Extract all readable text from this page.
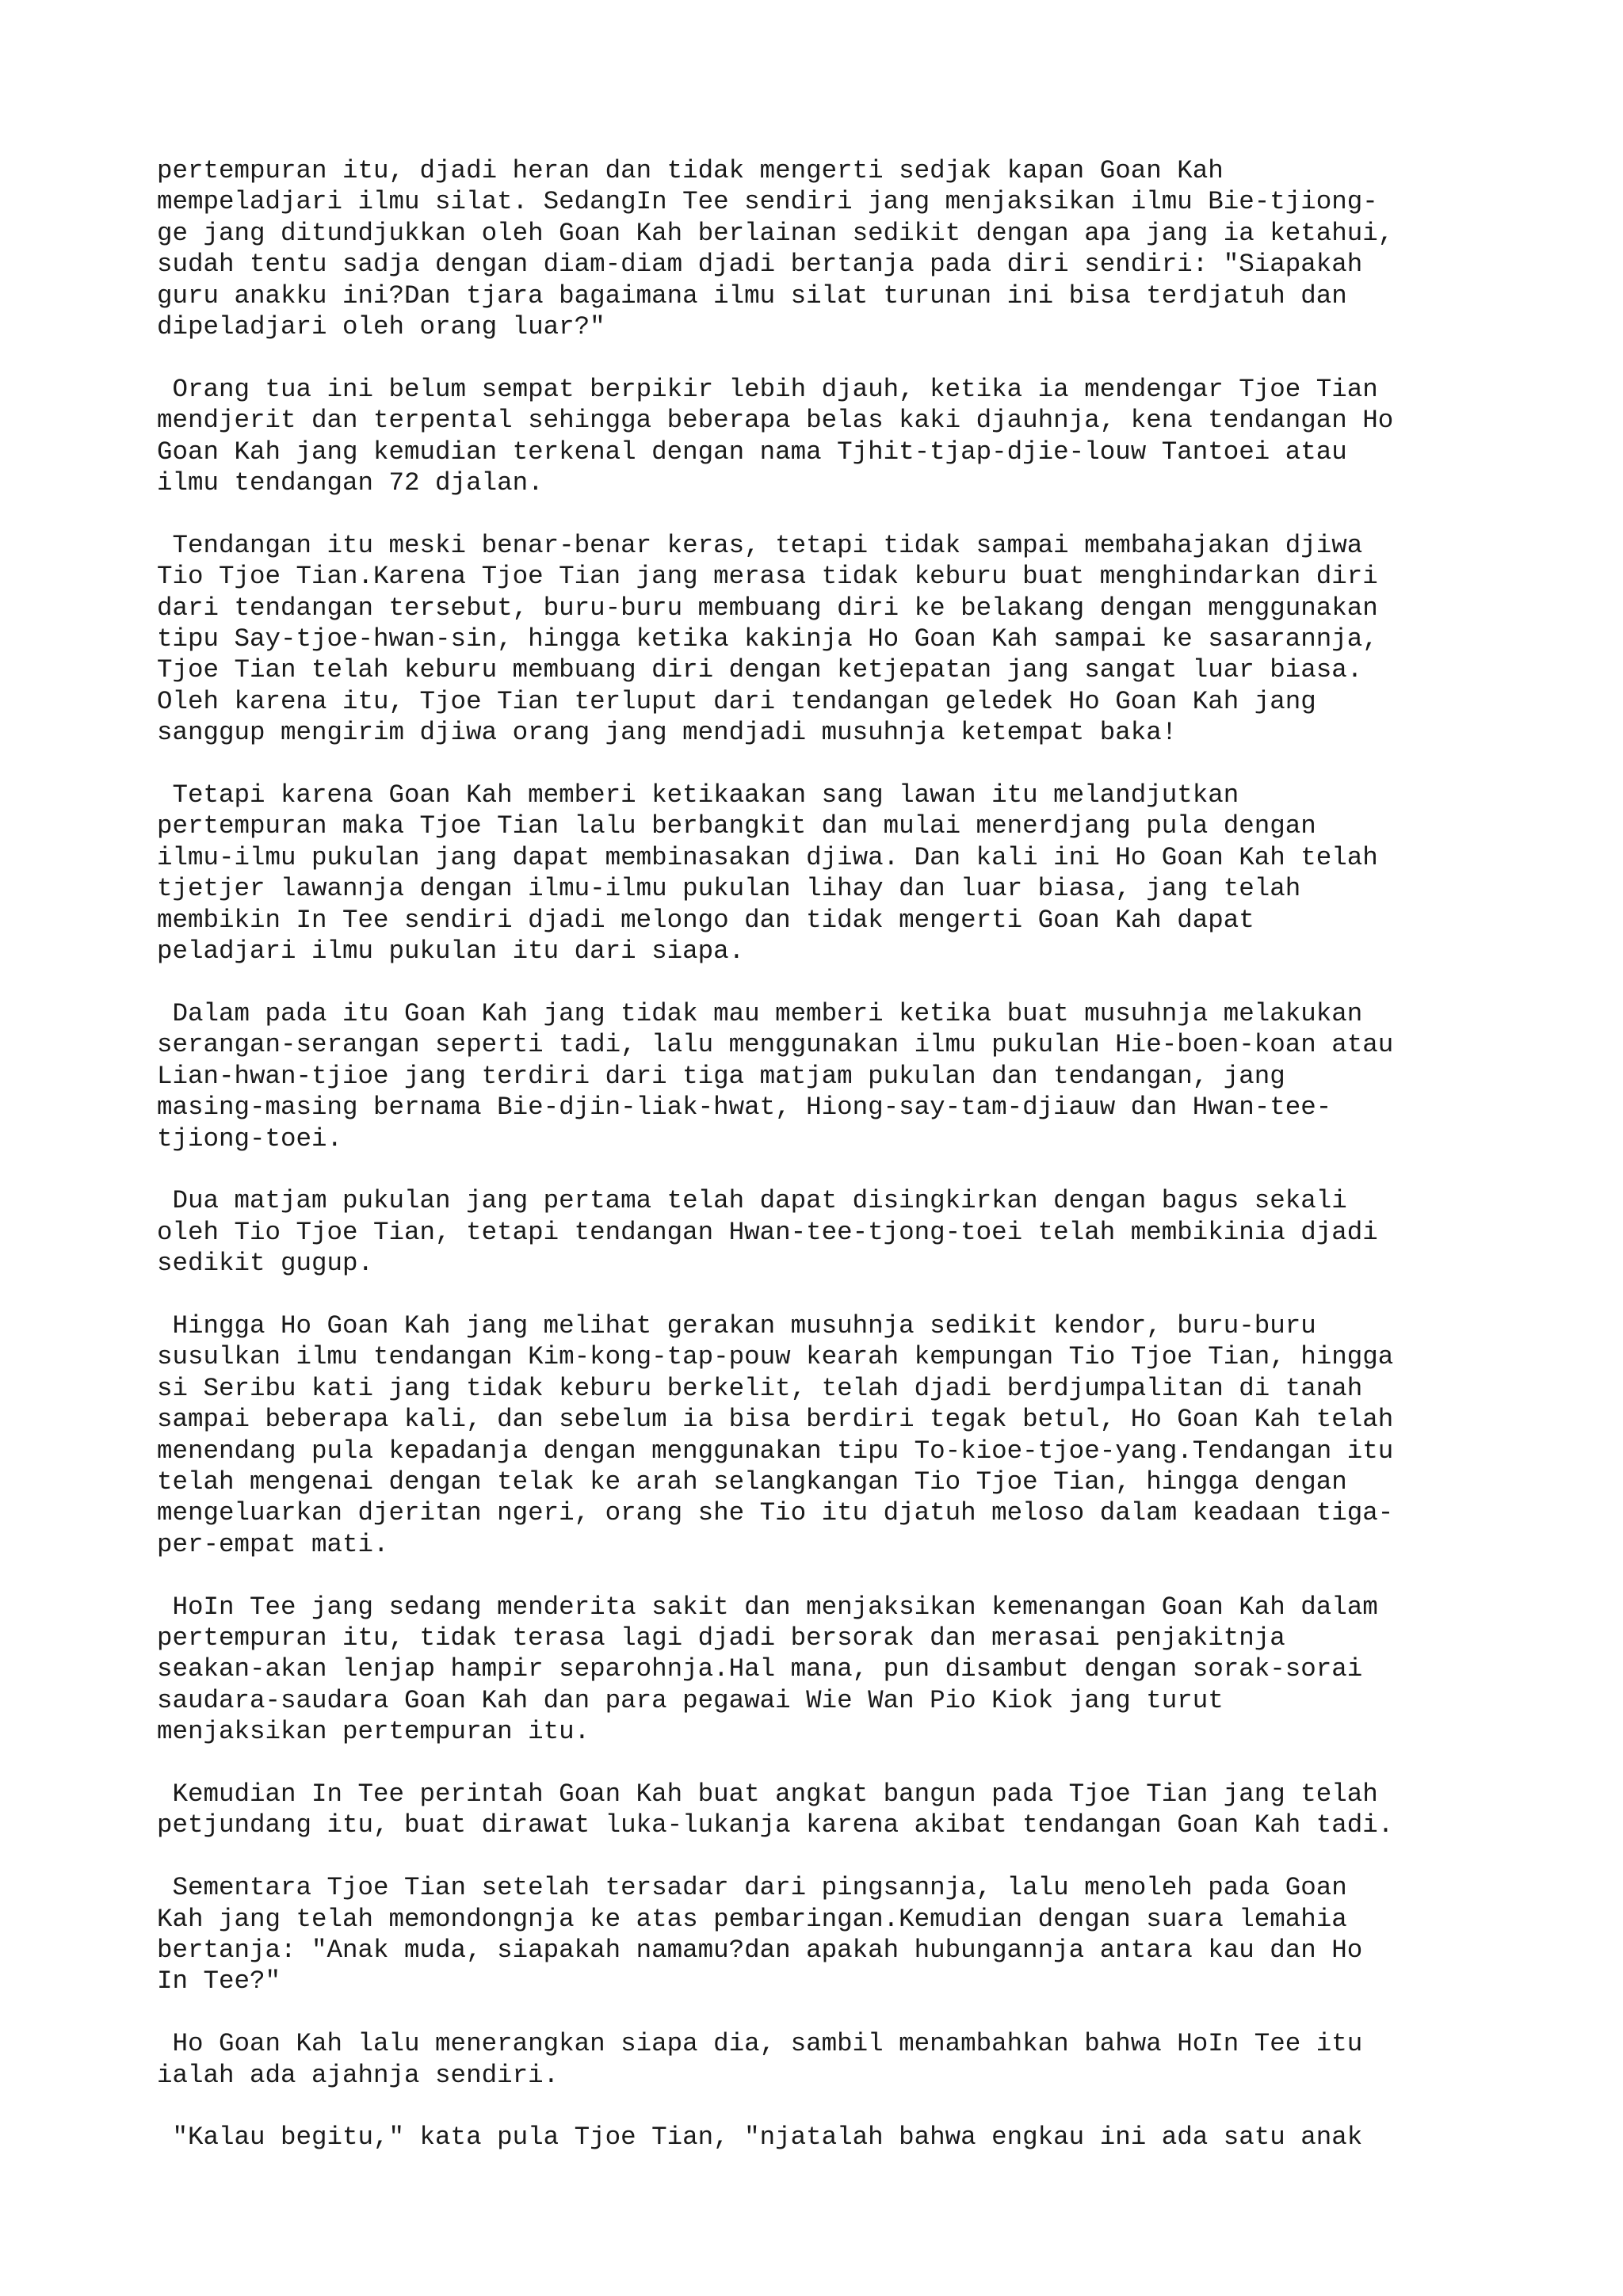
pertempuran itu, djadi heran dan tidak mengerti sedjak kapan Goan Kah
mempeladjari ilmu silat. SedangIn Tee sendiri jang menjaksikan ilmu Bie-tjiong-
ge jang ditundjukkan oleh Goan Kah berlainan sedikit dengan apa jang ia ketahui,
sudah tentu sadja dengan diam-diam djadi bertanja pada diri sendiri: "Siapakah
guru anakku ini?Dan tjara bagaimana ilmu silat turunan ini bisa terdjatuh dan
dipeladjari oleh orang luar?"

Orang tua ini belum sempat berpikir lebih djauh, ketika ia mendengar Tjoe Tian
mendjerit dan terpental sehingga beberapa belas kaki djauhnja, kena tendangan Ho
Goan Kah jang kemudian terkenal dengan nama Tjhit-tjap-djie-louw Tantoei atau
ilmu tendangan 72 djalan.

Tendangan itu meski benar-benar keras, tetapi tidak sampai membahajakan djiwa
Tio Tjoe Tian.Karena Tjoe Tian jang merasa tidak keburu buat menghindarkan diri
dari tendangan tersebut, buru-buru membuang diri ke belakang dengan menggunakan
tipu Say-tjoe-hwan-sin, hingga ketika kakinja Ho Goan Kah sampai ke sasarannja,
Tjoe Tian telah keburu membuang diri dengan ketjepatan jang sangat luar biasa.
Oleh karena itu, Tjoe Tian terluput dari tendangan geledek Ho Goan Kah jang
sanggup mengirim djiwa orang jang mendjadi musuhnja ketempat baka!

Tetapi karena Goan Kah memberi ketikaakan sang lawan itu melandjutkan
pertempuran maka Tjoe Tian lalu berbangkit dan mulai menerdjang pula dengan
ilmu-ilmu pukulan jang dapat membinasakan djiwa. Dan kali ini Ho Goan Kah telah
tjetjer lawannja dengan ilmu-ilmu pukulan lihay dan luar biasa, jang telah
membikin In Tee sendiri djadi melongo dan tidak mengerti Goan Kah dapat
peladjari ilmu pukulan itu dari siapa.

Dalam pada itu Goan Kah jang tidak mau memberi ketika buat musuhnja melakukan
serangan-serangan seperti tadi, lalu menggunakan ilmu pukulan Hie-boen-koan atau
Lian-hwan-tjioe jang terdiri dari tiga matjam pukulan dan tendangan, jang
masing-masing bernama Bie-djin-liak-hwat, Hiong-say-tam-djiauw dan Hwan-tee-
tjiong-toei.

Dua matjam pukulan jang pertama telah dapat disingkirkan dengan bagus sekali
oleh Tio Tjoe Tian, tetapi tendangan Hwan-tee-tjong-toei telah membikinia djadi
sedikit gugup.

Hingga Ho Goan Kah jang melihat gerakan musuhnja sedikit kendor, buru-buru
susulkan ilmu tendangan Kim-kong-tap-pouw kearah kempungan Tio Tjoe Tian, hingga
si Seribu kati jang tidak keburu berkelit, telah djadi berdjumpalitan di tanah
sampai beberapa kali, dan sebelum ia bisa berdiri tegak betul, Ho Goan Kah telah
menendang pula kepadanja dengan menggunakan tipu To-kioe-tjoe-yang.Tendangan itu
telah mengenai dengan telak ke arah selangkangan Tio Tjoe Tian, hingga dengan
mengeluarkan djeritan ngeri, orang she Tio itu djatuh meloso dalam keadaan tiga-
per-empat mati.

HoIn Tee jang sedang menderita sakit dan menjaksikan kemenangan Goan Kah dalam
pertempuran itu, tidak terasa lagi djadi bersorak dan merasai penjakitnja
seakan-akan lenjap hampir separohnja.Hal mana, pun disambut dengan sorak-sorai
saudara-saudara Goan Kah dan para pegawai Wie Wan Pio Kiok jang turut
menjaksikan pertempuran itu.

Kemudian In Tee perintah Goan Kah buat angkat bangun pada Tjoe Tian jang telah
petjundang itu, buat dirawat luka-lukanja karena akibat tendangan Goan Kah tadi.

Sementara Tjoe Tian setelah tersadar dari pingsannja, lalu menoleh pada Goan
Kah jang telah memondongnja ke atas pembaringan.Kemudian dengan suara lemahia
bertanja: "Anak muda, siapakah namamu?dan apakah hubungannja antara kau dan Ho
In Tee?"

Ho Goan Kah lalu menerangkan siapa dia, sambil menambahkan bahwa HoIn Tee itu
ialah ada ajahnja sendiri.

"Kalau begitu," kata pula Tjoe Tian, "njatalah bahwa engkau ini ada satu anak
